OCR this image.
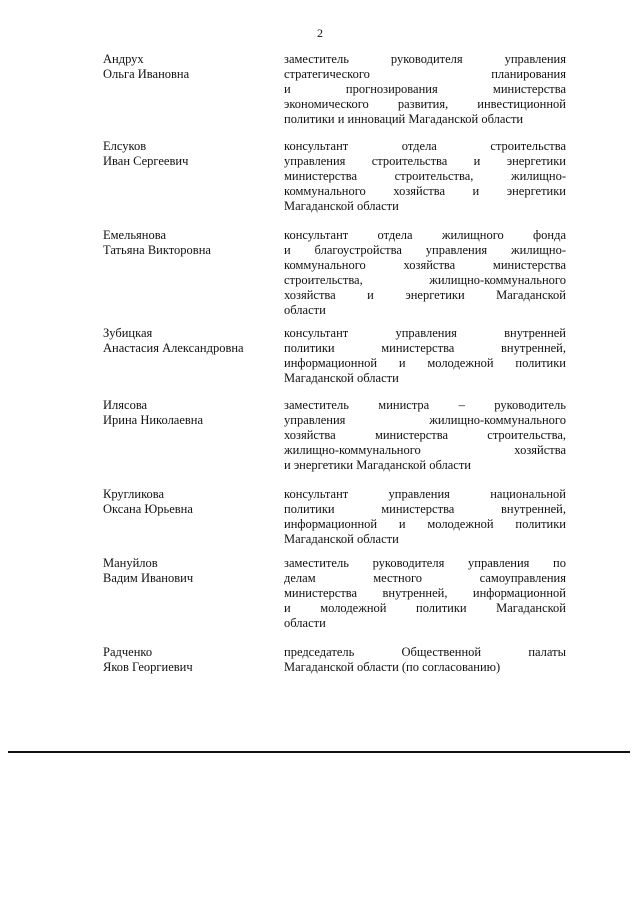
2
Андрух
Ольга Ивановна
заместитель руководителя управления
стратегического планирования
и прогнозирования министерства
экономического развития, инвестиционной
политики и инноваций Магаданской области
Елсуков
Иван Сергеевич
консультант отдела строительства
управления строительства и энергетики
министерства строительства, жилищно-
коммунального хозяйства и энергетики
Магаданской области
Емельянова
Татьяна Викторовна
консультант отдела жилищного фонда
и благоустройства управления жилищно-
коммунального хозяйства министерства
строительства, жилищно-коммунального
хозяйства и энергетики Магаданской
области
Зубицкая
Анастасия Александровна
консультант управления внутренней
политики министерства внутренней,
информационной и молодежной политики
Магаданской области
Илясова
Ирина Николаевна
заместитель министра – руководитель
управления жилищно-коммунального
хозяйства министерства строительства,
жилищно-коммунального хозяйства
и энергетики Магаданской области
Кругликова
Оксана Юрьевна
консультант управления национальной
политики министерства внутренней,
информационной и молодежной политики
Магаданской области
Мануйлов
Вадим Иванович
заместитель руководителя управления по
делам местного самоуправления
министерства внутренней, информационной
и молодежной политики Магаданской
области
Радченко
Яков Георгиевич
председатель Общественной палаты
Магаданской области (по согласованию)
